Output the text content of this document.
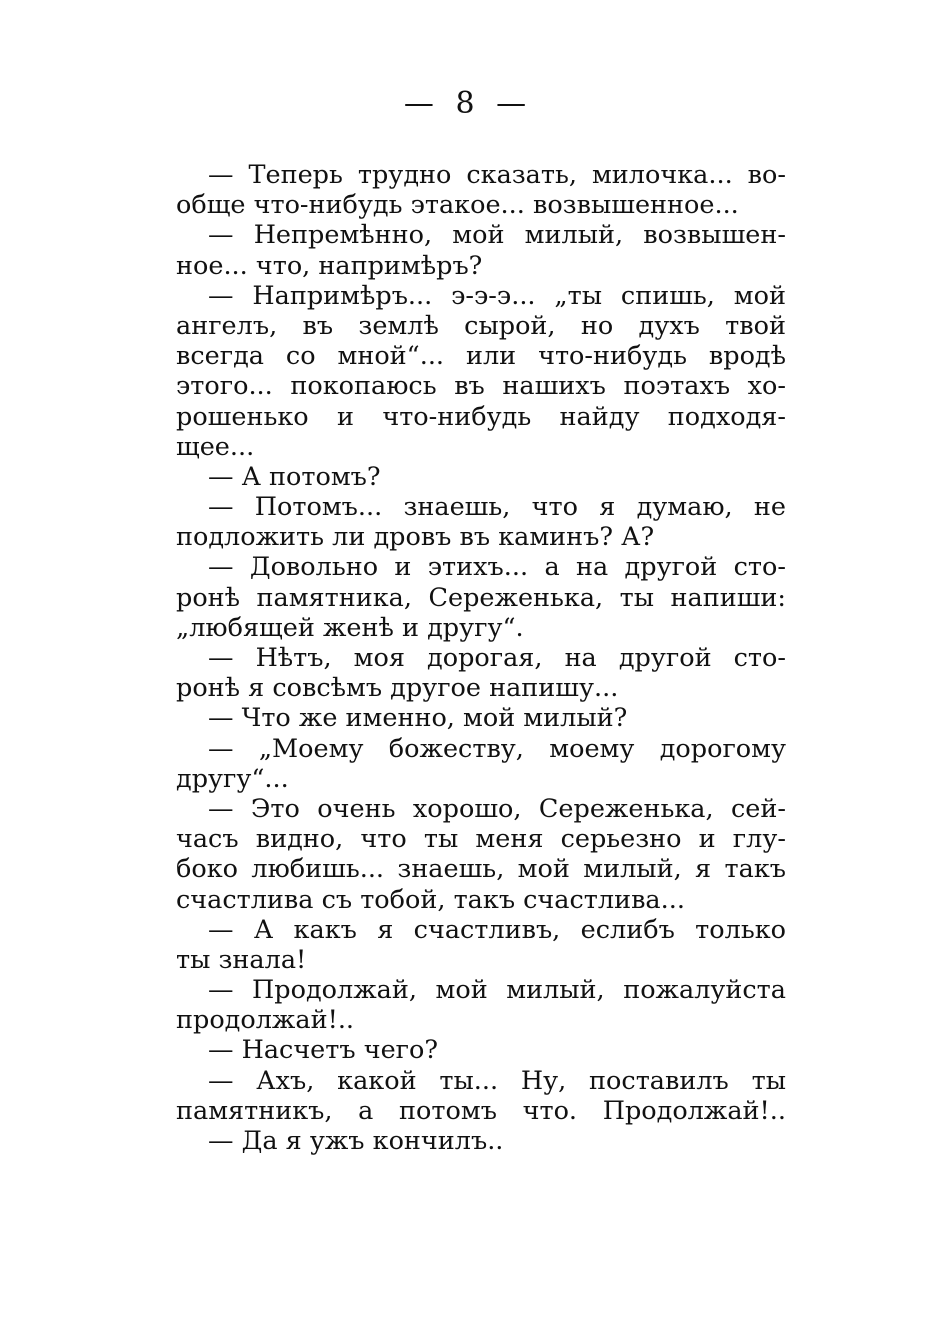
— 8 —
— Теперь трудно сказать, милочка... во-
обще что-нибудь этакое... возвышенное...
— Непремѣнно, мой милый, возвышен-
ное... что, напримѣръ?
— Напримѣръ... э-э-э... „ты спишь, мой
ангелъ, въ землѣ сырой, но духъ твой
всегда со мной“... или что-нибудь вродѣ
этого... покопаюсь въ нашихъ поэтахъ хо-
рошенько и что-нибудь найду подходя-
щее...
— А потомъ?
— Потомъ... знаешь, что я думаю, не
подложить ли дровъ въ каминъ? А?
— Довольно и этихъ... а на другой сто-
ронѣ памятника, Сереженька, ты напиши:
„любящей женѣ и другу“.
— Нѣтъ, моя дорогая, на другой сто-
ронѣ я совсѣмъ другое напишу...
— Что же именно, мой милый?
— „Моему божеству, моему дорогому
другу“...
— Это очень хорошо, Сереженька, сей-
часъ видно, что ты меня серьезно и глу-
боко любишь... знаешь, мой милый, я такъ
счастлива съ тобой, такъ счастлива...
— А какъ я счастливъ, еслибъ только
ты знала!
— Продолжай, мой милый, пожалуйста
продолжай!..
— Насчетъ чего?
— Ахъ, какой ты... Ну, поставилъ ты
памятникъ, а потомъ что. Продолжай!..
— Да я ужъ кончилъ..
